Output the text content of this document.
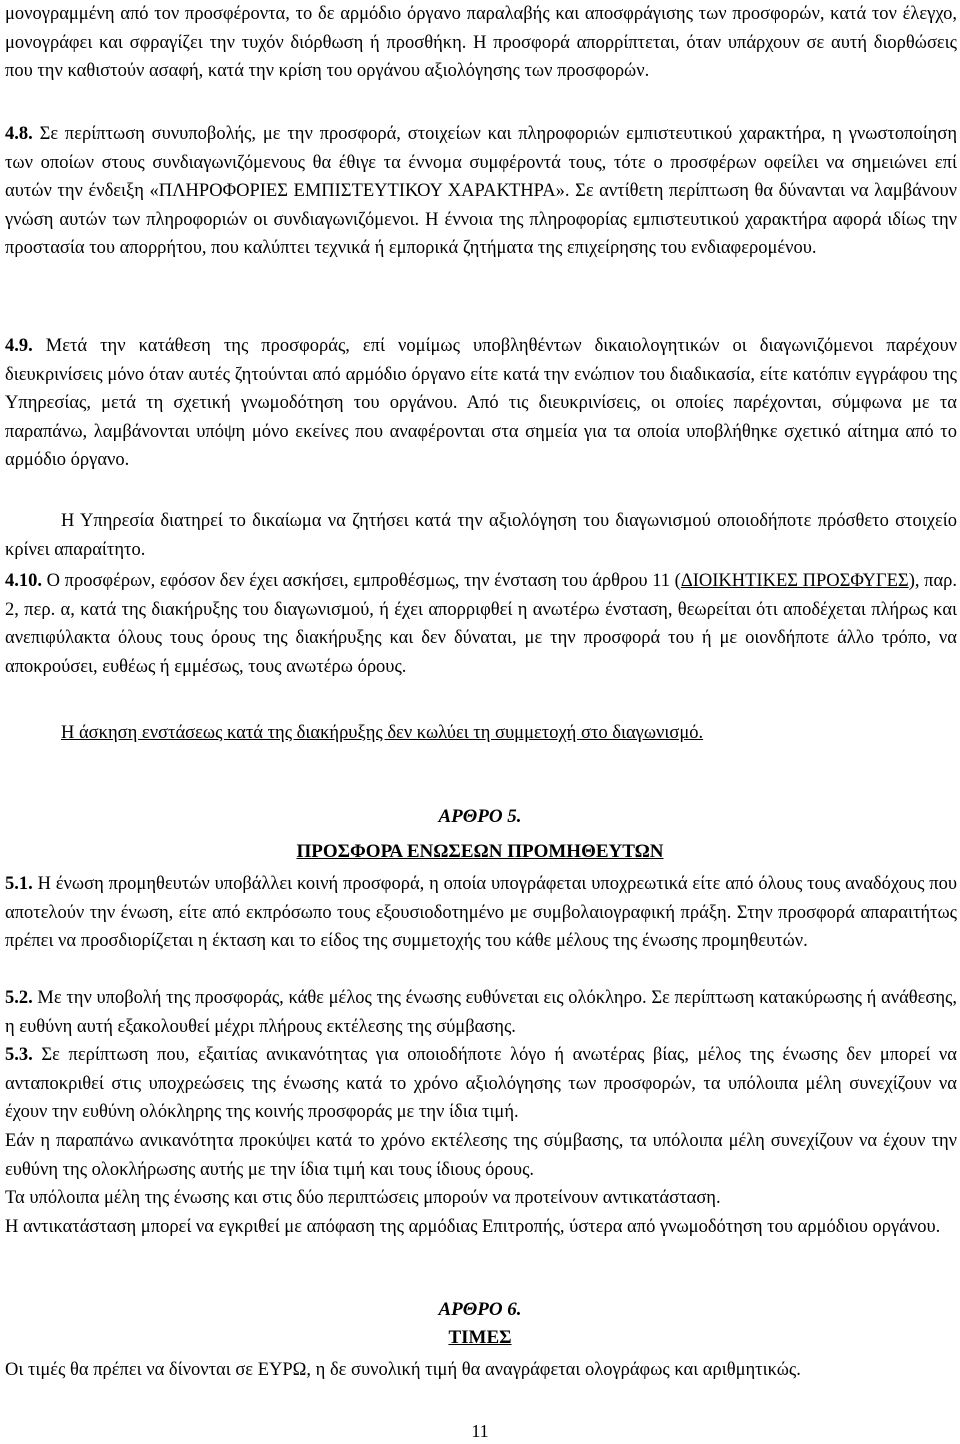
μονογραμμένη από τον προσφέροντα, το δε αρμόδιο όργανο παραλαβής και αποσφράγισης των προσφορών, κατά τον έλεγχο, μονογράφει και σφραγίζει την τυχόν διόρθωση ή προσθήκη. Η προσφορά απορρίπτεται, όταν υπάρχουν σε αυτή διορθώσεις που την καθιστούν ασαφή, κατά την κρίση του οργάνου αξιολόγησης των προσφορών.

4.8. Σε περίπτωση συνυποβολής, με την προσφορά, στοιχείων και πληροφοριών εμπιστευτικού χαρακτήρα, η γνωστοποίηση των οποίων στους συνδιαγωνιζόμενους θα έθιγε τα έννομα συμφέροντά τους, τότε ο προσφέρων οφείλει να σημειώνει επί αυτών την ένδειξη «ΠΛΗΡΟΦΟΡΙΕΣ ΕΜΠΙΣΤΕΥΤΙΚΟΥ ΧΑΡΑΚΤΗΡΑ». Σε αντίθετη περίπτωση θα δύνανται να λαμβάνουν γνώση αυτών των πληροφοριών οι συνδιαγωνιζόμενοι. Η έννοια της πληροφορίας εμπιστευτικού χαρακτήρα αφορά ιδίως την προστασία του απορρήτου, που καλύπτει τεχνικά ή εμπορικά ζητήματα της επιχείρησης του ενδιαφερομένου.

4.9. Μετά την κατάθεση της προσφοράς, επί νομίμως υποβληθέντων δικαιολογητικών οι διαγωνιζόμενοι παρέχουν διευκρινίσεις μόνο όταν αυτές ζητούνται από αρμόδιο όργανο είτε κατά την ενώπιον του διαδικασία, είτε κατόπιν εγγράφου της Υπηρεσίας, μετά τη σχετική γνωμοδότηση του οργάνου. Από τις διευκρινίσεις, οι οποίες παρέχονται, σύμφωνα με τα παραπάνω, λαμβάνονται υπόψη μόνο εκείνες που αναφέρονται στα σημεία για τα οποία υποβλήθηκε σχετικό αίτημα από το αρμόδιο όργανο.

Η Υπηρεσία διατηρεί το δικαίωμα να ζητήσει κατά την αξιολόγηση του διαγωνισμού οποιοδήποτε πρόσθετο στοιχείο κρίνει απαραίτητο.

4.10. Ο προσφέρων, εφόσον δεν έχει ασκήσει, εμπροθέσμως, την ένσταση του άρθρου 11 (ΔΙΟΙΚΗΤΙΚΕΣ ΠΡΟΣΦΥΓΕΣ), παρ. 2, περ. α, κατά της διακήρυξης του διαγωνισμού, ή έχει απορριφθεί η ανωτέρω ένσταση, θεωρείται ότι αποδέχεται πλήρως και ανεπιφύλακτα όλους τους όρους της διακήρυξης και δεν δύναται, με την προσφορά του ή με οιονδήποτε άλλο τρόπο, να αποκρούσει, ευθέως ή εμμέσως, τους ανωτέρω όρους.

Η άσκηση ενστάσεως κατά της διακήρυξης δεν κωλύει τη συμμετοχή στο διαγωνισμό.

ΑΡΘΡΟ 5.
ΠΡΟΣΦΟΡΑ ΕΝΩΣΕΩΝ ΠΡΟΜΗΘΕΥΤΩΝ

5.1. Η ένωση προμηθευτών υποβάλλει κοινή προσφορά, η οποία υπογράφεται υποχρεωτικά είτε από όλους τους αναδόχους που αποτελούν την ένωση, είτε από εκπρόσωπο τους εξουσιοδοτημένο με συμβολαιογραφική πράξη. Στην προσφορά απαραιτήτως πρέπει να προσδιορίζεται η έκταση και το είδος της συμμετοχής του κάθε μέλους της ένωσης προμηθευτών.

5.2. Με την υποβολή της προσφοράς, κάθε μέλος της ένωσης ευθύνεται εις ολόκληρο. Σε περίπτωση κατακύρωσης ή ανάθεσης, η ευθύνη αυτή εξακολουθεί μέχρι πλήρους εκτέλεσης της σύμβασης.

5.3. Σε περίπτωση που, εξαιτίας ανικανότητας για οποιοδήποτε λόγο ή ανωτέρας βίας, μέλος της ένωσης δεν μπορεί να ανταποκριθεί στις υποχρεώσεις της ένωσης κατά το χρόνο αξιολόγησης των προσφορών, τα υπόλοιπα μέλη συνεχίζουν να έχουν την ευθύνη ολόκληρης της κοινής προσφοράς με την ίδια τιμή.

Εάν η παραπάνω ανικανότητα προκύψει κατά το χρόνο εκτέλεσης της σύμβασης, τα υπόλοιπα μέλη συνεχίζουν να έχουν την ευθύνη της ολοκλήρωσης αυτής με την ίδια τιμή και τους ίδιους όρους.

Τα υπόλοιπα μέλη της ένωσης και στις δύο περιπτώσεις μπορούν να προτείνουν αντικατάσταση.

Η αντικατάσταση μπορεί να εγκριθεί με απόφαση της αρμόδιας Επιτροπής, ύστερα από γνωμοδότηση του αρμόδιου οργάνου.

ΑΡΘΡΟ 6.
ΤΙΜΕΣ

Οι τιμές θα πρέπει να δίνονται σε ΕΥΡΩ, η δε συνολική τιμή θα αναγράφεται ολογράφως και αριθμητικώς.

11
